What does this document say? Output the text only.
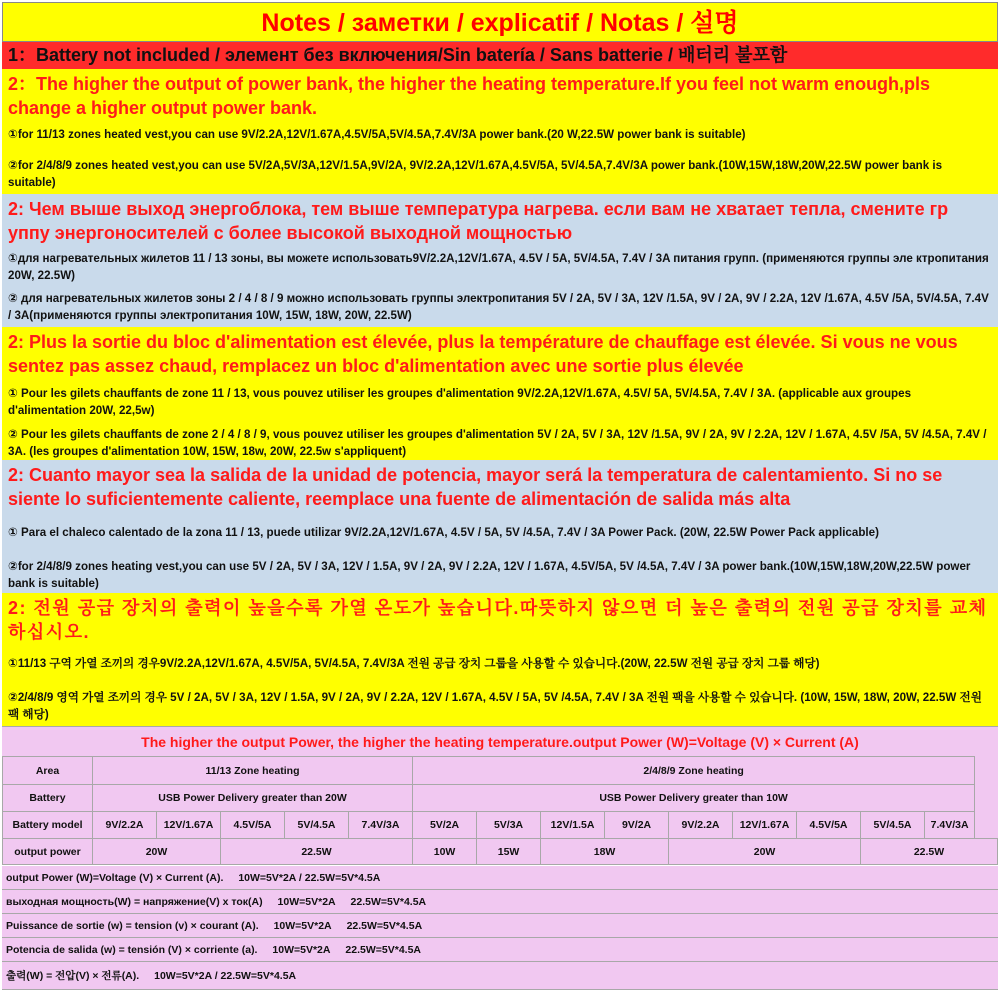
Notes / заметки / explicatif / Notas / 설명
1：Battery not included / элемент без включения/Sin batería / Sans batterie / 배터리 불포함

2：The higher the output of power bank, the higher the heating temperature.If you feel not warm enough,pls change a higher output power bank.

①for 11/13 zones heated vest,you can use 9V/2.2A,12V/1.67A,4.5V/5A,5V/4.5A,7.4V/3A power bank.(20 W,22.5W power bank is suitable)

②for 2/4/8/9 zones heated vest,you can use 5V/2A,5V/3A,12V/1.5A,9V/2A, 9V/2.2A,12V/1.67A,4.5V/5A, 5V/4.5A,7.4V/3A power bank.(10W,15W,18W,20W,22.5W power bank is suitable)

2: Чем выше выход энергоблока, тем выше температура нагрева. если вам не хватает тепла, смените гр уппу энергоносителей с более высокой выходной мощностью

①для нагревательных жилетов 11 / 13 зоны, вы можете использовать9V/2.2A,12V/1.67A, 4.5V / 5A, 5V/4.5A, 7.4V / 3A питания групп. (применяются группы эле ктропитания 20W, 22.5W)

② для нагревательных жилетов зоны 2 / 4 / 8 / 9 можно использовать группы электропитания 5V / 2A, 5V / 3A, 12V /1.5A, 9V / 2A, 9V / 2.2A, 12V /1.67A, 4.5V /5A, 5V/4.5A, 7.4V / 3A(применяются группы электропитания 10W, 15W, 18W, 20W, 22.5W)

2: Plus la sortie du bloc d'alimentation est élevée, plus la température de chauffage est élevée. Si vous ne vous sentez pas assez chaud, remplacez un bloc d'alimentation avec une sortie plus élevée

① Pour les gilets chauffants de zone 11 / 13, vous pouvez utiliser les groupes d'alimentation 9V/2.2A,12V/1.67A, 4.5V/ 5A, 5V/4.5A, 7.4V / 3A. (applicable aux groupes d'alimentation 20W, 22,5w)

② Pour les gilets chauffants de zone 2 / 4 / 8 / 9, vous pouvez utiliser les groupes d'alimentation 5V / 2A, 5V / 3A, 12V /1.5A, 9V / 2A, 9V / 2.2A, 12V / 1.67A, 4.5V /5A, 5V /4.5A, 7.4V / 3A. (les groupes d'alimentation 10W, 15W, 18w, 20W, 22.5w s'appliquent)

2: Cuanto mayor sea la salida de la unidad de potencia, mayor será la temperatura de calentamiento. Si no se siente lo suficientemente caliente, reemplace una fuente de alimentación de salida más alta

① Para el chaleco calentado de la zona 11 / 13, puede utilizar 9V/2.2A,12V/1.67A, 4.5V / 5A, 5V /4.5A, 7.4V / 3A Power Pack. (20W, 22.5W Power Pack applicable)

②for 2/4/8/9 zones heating vest,you can use 5V / 2A, 5V / 3A, 12V / 1.5A, 9V / 2A, 9V / 2.2A, 12V / 1.67A, 4.5V/5A, 5V /4.5A, 7.4V / 3A power bank.(10W,15W,18W,20W,22.5W power bank is suitable)

2: 전원 공급 장치의 출력이 높을수록 가열 온도가 높습니다.따뜻하지 않으면 더 높은 출력의 전원 공급 장치를 교체하십시오.

①11/13 구역 가열 조끼의 경우9V/2.2A,12V/1.67A, 4.5V/5A, 5V/4.5A, 7.4V/3A 전원 공급 장치 그룹을 사용할 수 있습니다.(20W, 22.5W 전원 공급 장치 그룹 해당)

②2/4/8/9 영역 가열 조끼의 경우 5V / 2A, 5V / 3A, 12V / 1.5A, 9V / 2A, 9V / 2.2A, 12V / 1.67A, 4.5V / 5A, 5V /4.5A, 7.4V / 3A 전원 팩을 사용할 수 있습니다. (10W, 15W, 18W, 20W, 22.5W 전원 팩 해당)

The higher the output Power, the higher the heating temperature.output Power (W)=Voltage (V) × Current (A)
Area	11/13 Zone heating					2/4/8/9 Zone heating								
Battery	USB Power Delivery greater than 20W					USB Power Delivery greater than 10W								
Battery model	9V/2.2A	12V/1.67A	4.5V/5A	5V/4.5A	7.4V/3A	5V/2A	5V/3A	12V/1.5A	9V/2A	9V/2.2A	12V/1.67A	4.5V/5A	5V/4.5A	7.4V/3A
output power	20W		22.5W			10W	15W	18W		20W			22.5W	
output Power (W)=Voltage (V) × Current (A). 10W=5V*2A / 22.5W=5V*4.5A
выходная мощность(W) = напряжение(V) x ток(A) 10W=5V*2A 22.5W=5V*4.5A
Puissance de sortie (w) = tension (v) × courant (A). 10W=5V*2A 22.5W=5V*4.5A
Potencia de salida (w) = tensión (V) × corriente (a). 10W=5V*2A 22.5W=5V*4.5A
출력(W) = 전압(V) × 전류(A). 10W=5V*2A / 22.5W=5V*4.5A
